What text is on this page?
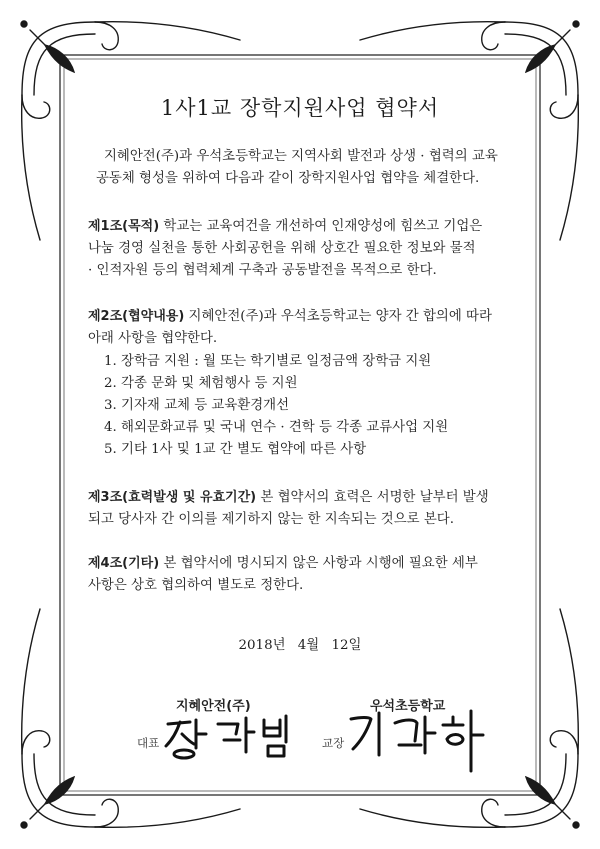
1사1교 장학지원사업 협약서
지혜안전(주)과 우석초등학교는 지역사회 발전과 상생 · 협력의 교육
공동체 형성을 위하여 다음과 같이 장학지원사업 협약을 체결한다.
제1조(목적) 학교는 교육여건을 개선하여 인재양성에 힘쓰고 기업은
나눔 경영 실천을 통한 사회공헌을 위해 상호간 필요한 정보와 물적
· 인적자원 등의 협력체계 구축과 공동발전을 목적으로 한다.
제2조(협약내용) 지혜안전(주)과 우석초등학교는 양자 간 합의에 따라
아래 사항을 협약한다.
1. 장학금 지원 : 월 또는 학기별로 일정금액 장학금 지원
2. 각종 문화 및 체험행사 등 지원
3. 기자재 교체 등 교육환경개선
4. 해외문화교류 및 국내 연수 · 견학 등 각종 교류사업 지원
5. 기타 1사 및 1교 간 별도 협약에 따른 사항
제3조(효력발생 및 유효기간) 본 협약서의 효력은 서명한 날부터 발생
되고 당사자 간 이의를 제기하지 않는 한 지속되는 것으로 본다.
제4조(기타) 본 협약서에 명시되지 않은 사항과 시행에 필요한 세부
사항은 상호 협의하여 별도로 정한다.
2018년 4월 12일
지혜안전(주)
대표
우석초등학교
교장
